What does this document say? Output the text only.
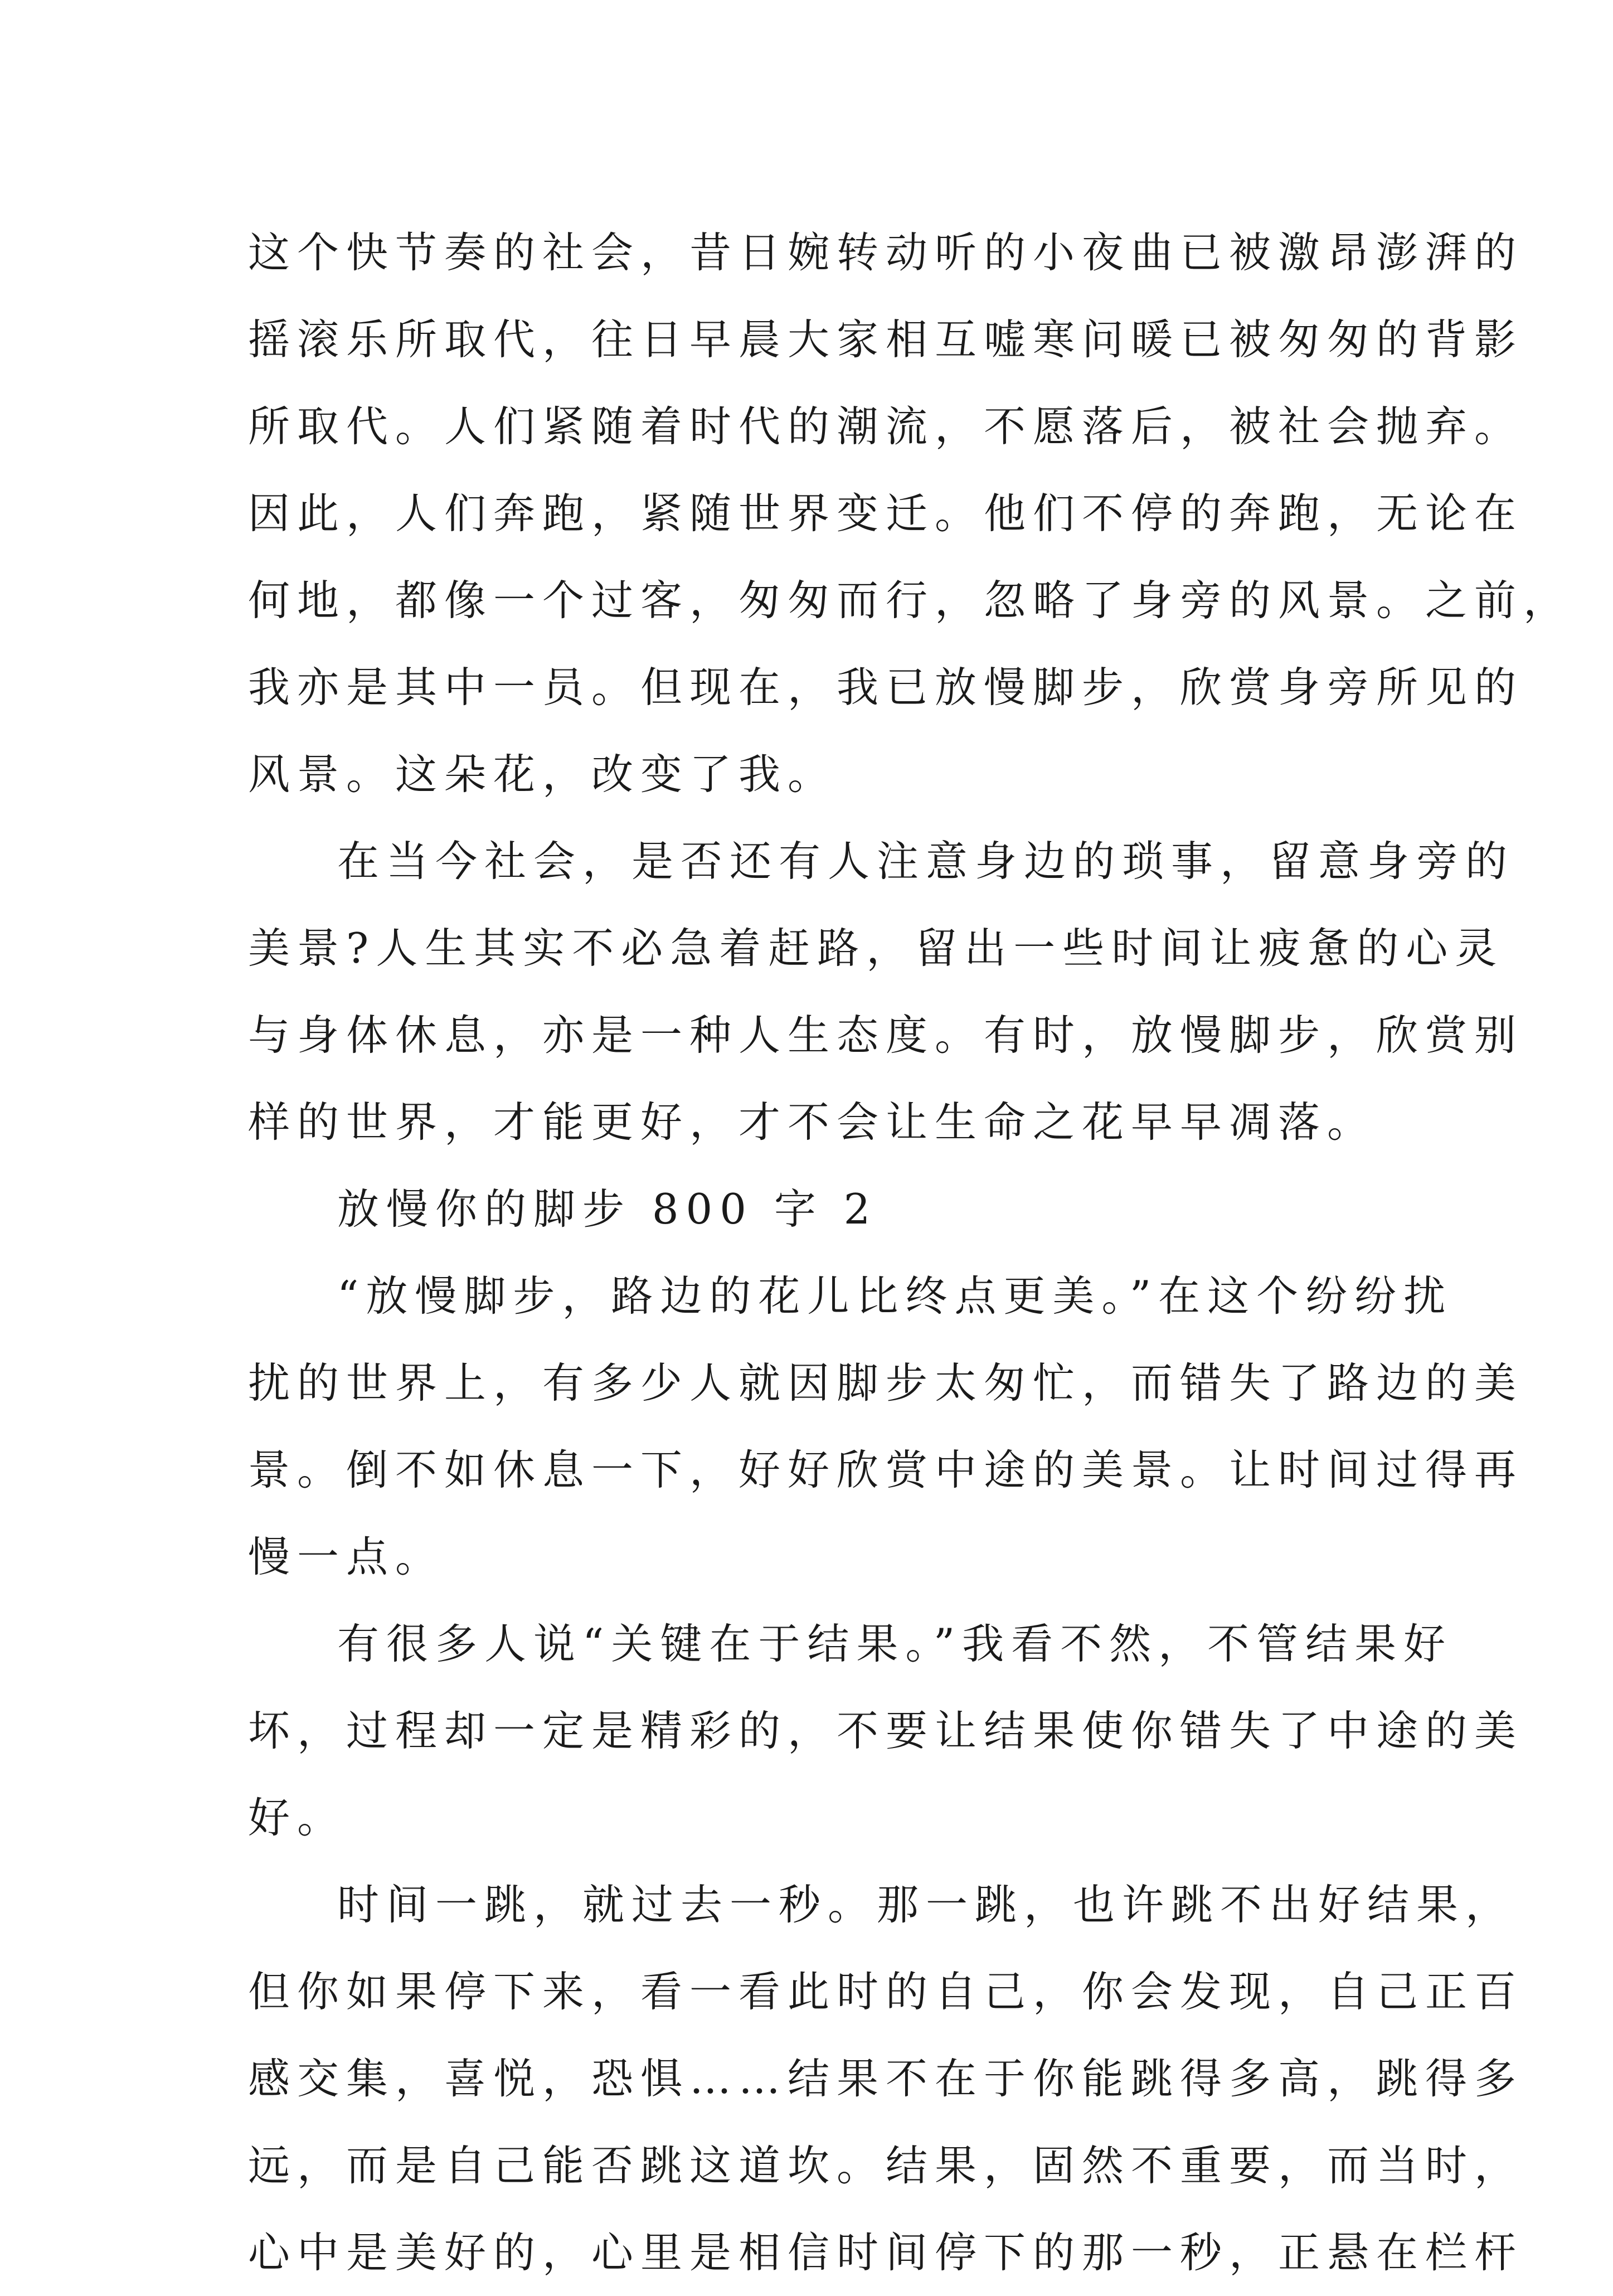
这个快节奏的社会，昔日婉转动听的小夜曲已被激昂澎湃的
摇滚乐所取代，往日早晨大家相互嘘寒问暖已被匆匆的背影
所取代。人们紧随着时代的潮流，不愿落后，被社会抛弃。
因此，人们奔跑，紧随世界变迁。他们不停的奔跑，无论在
何地，都像一个过客，匆匆而行，忽略了身旁的风景。之前，
我亦是其中一员。但现在，我已放慢脚步，欣赏身旁所见的
风景。这朵花，改变了我。
在当今社会，是否还有人注意身边的琐事，留意身旁的
美景?人生其实不必急着赶路，留出一些时间让疲惫的心灵
与身体休息，亦是一种人生态度。有时，放慢脚步，欣赏别
样的世界，才能更好，才不会让生命之花早早凋落。
放慢你的脚步 800 字 2
“放慢脚步，路边的花儿比终点更美。”在这个纷纷扰
扰的世界上，有多少人就因脚步太匆忙，而错失了路边的美
景。倒不如休息一下，好好欣赏中途的美景。让时间过得再
慢一点。
有很多人说“关键在于结果。”我看不然，不管结果好
坏，过程却一定是精彩的，不要让结果使你错失了中途的美
好。
时间一跳，就过去一秒。那一跳，也许跳不出好结果，
但你如果停下来，看一看此时的自己，你会发现，自己正百
感交集，喜悦，恐惧……结果不在于你能跳得多高，跳得多
远，而是自己能否跳这道坎。结果，固然不重要，而当时，
心中是美好的，心里是相信时间停下的那一秒，正悬在栏杆
